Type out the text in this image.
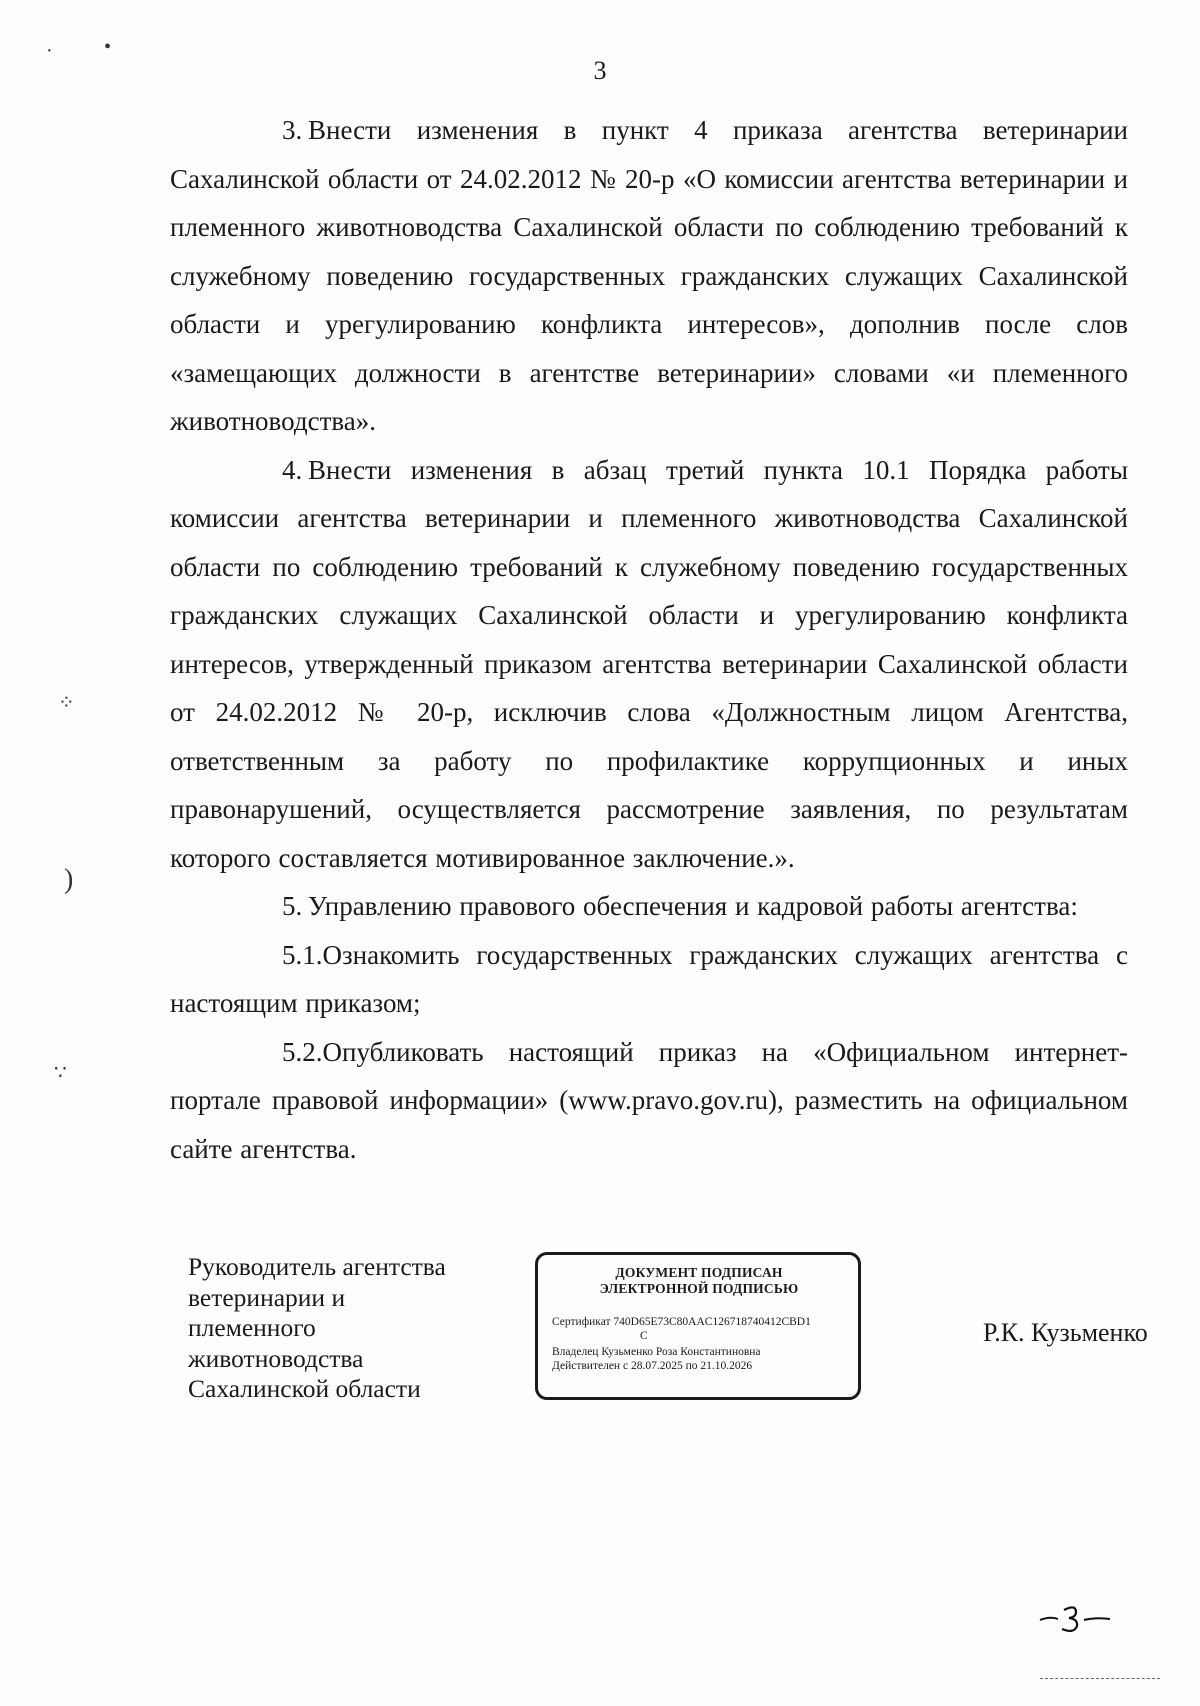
3

3. Внести изменения в пункт 4 приказа агентства ветеринарии Сахалинской области от 24.02.2012 № 20-р «О комиссии агентства ветеринарии и племенного животноводства Сахалинской области по соблюдению требований к служебному поведению государственных гражданских служащих Сахалинской области и урегулированию конфликта интересов», дополнив после слов «замещающих должности в агентстве ветеринарии» словами «и племенного животноводства».

4. Внести изменения в абзац третий пункта 10.1 Порядка работы комиссии агентства ветеринарии и племенного животноводства Сахалинской области по соблюдению требований к служебному поведению государственных гражданских служащих Сахалинской области и урегулированию конфликта интересов, утвержденный приказом агентства ветеринарии Сахалинской области от 24.02.2012 № 20-р, исключив слова «Должностным лицом Агентства, ответственным за работу по профилактике коррупционных и иных правонарушений, осуществляется рассмотрение заявления, по результатам которого составляется мотивированное заключение.».

5. Управлению правового обеспечения и кадровой работы агентства:

5.1.Ознакомить государственных гражданских служащих агентства с настоящим приказом;

5.2.Опубликовать настоящий приказ на «Официальном интернет-портале правовой информации» (www.pravo.gov.ru), разместить на официальном сайте агентства.

Руководитель агентства
ветеринарии и
племенного
животноводства
Сахалинской области
ДОКУМЕНТ ПОДПИСАН
ЭЛЕКТРОННОЙ ПОДПИСЬЮ
Сертификат 740D65E73C80AAC126718740412CBD1
C
Владелец Кузьменко Роза Константиновна
Действителен с 28.07.2025 по 21.10.2026
Р.К. Кузьменко
·	•
⁘
)
∵
